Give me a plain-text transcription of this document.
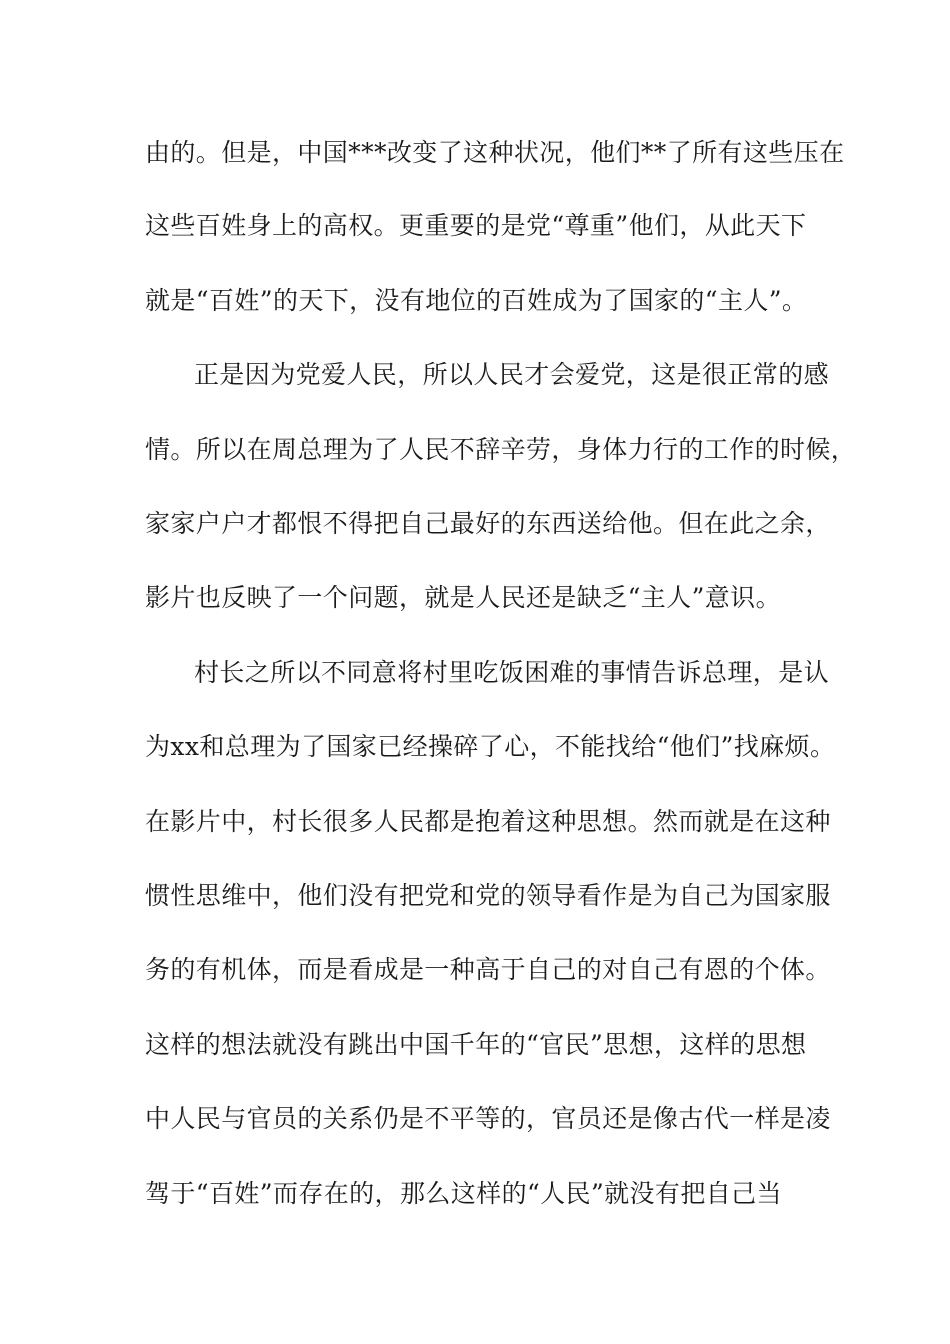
由的。但是，中国***改变了这种状况，他们**了所有这些压在
这些百姓身上的高权。更重要的是党“尊重”他们，从此天下
就是“百姓”的天下，没有地位的百姓成为了国家的“主人”。
正是因为党爱人民，所以人民才会爱党，这是很正常的感
情。所以在周总理为了人民不辞辛劳，身体力行的工作的时候，
家家户户才都恨不得把自己最好的东西送给他。但在此之余，
影片也反映了一个问题，就是人民还是缺乏“主人”意识。
村长之所以不同意将村里吃饭困难的事情告诉总理，是认
为xx和总理为了国家已经操碎了心，不能找给“他们”找麻烦。
在影片中，村长很多人民都是抱着这种思想。然而就是在这种
惯性思维中，他们没有把党和党的领导看作是为自己为国家服
务的有机体，而是看成是一种高于自己的对自己有恩的个体。
这样的想法就没有跳出中国千年的“官民”思想，这样的思想
中人民与官员的关系仍是不平等的，官员还是像古代一样是凌
驾于“百姓”而存在的，那么这样的“人民”就没有把自己当
